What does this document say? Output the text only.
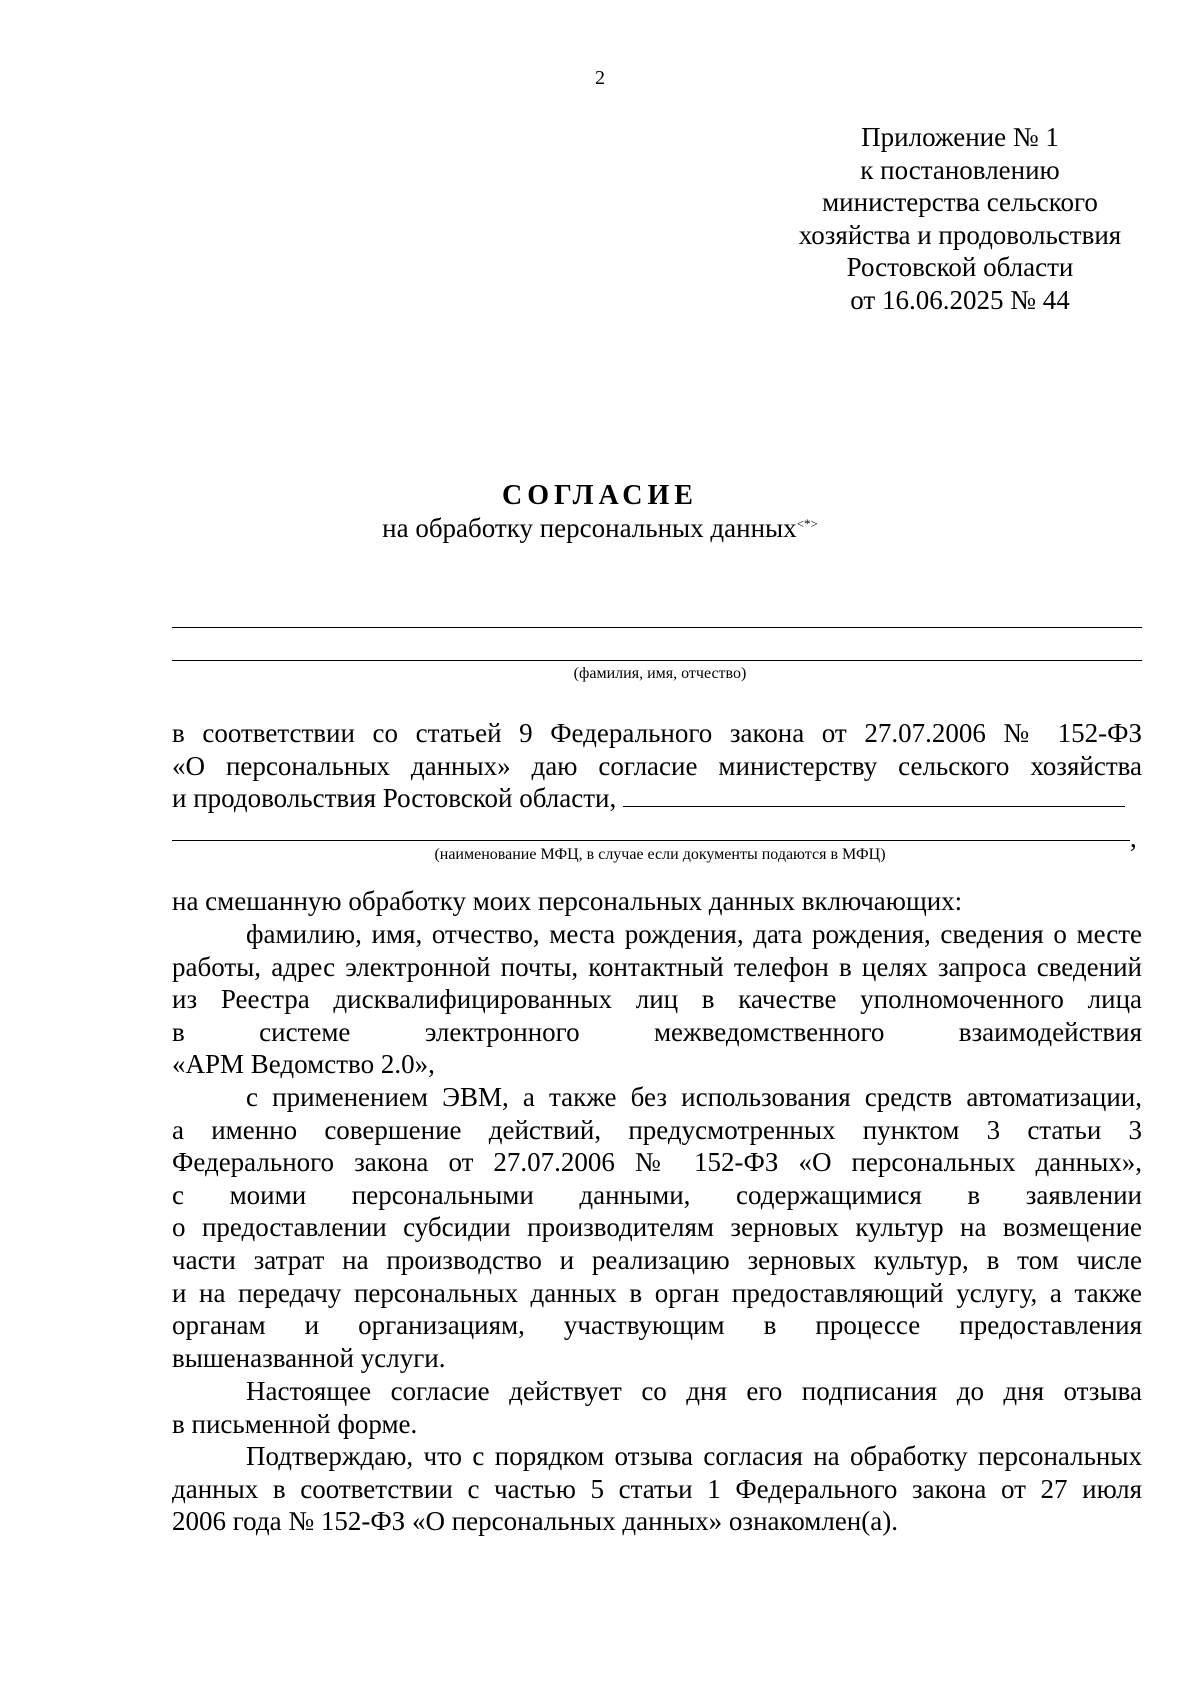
2
Приложение № 1
к постановлению
министерства сельского
хозяйства и продовольствия
Ростовской области
от 16.06.2025 № 44
СОГЛАСИЕ
на обработку персональных данных<*>
(фамилия, имя, отчество)
в соответствии со статьей 9 Федерального закона от 27.07.2006 № 152-ФЗ
«О персональных данных» даю согласие министерству сельского хозяйства
и продовольствия Ростовской области,
,
(наименование МФЦ, в случае если документы подаются в МФЦ)
на смешанную обработку моих персональных данных включающих:
фамилию, имя, отчество, места рождения, дата рождения, сведения о месте
работы, адрес электронной почты, контактный телефон в целях запроса сведений
из Реестра дисквалифицированных лиц в качестве уполномоченного лица
в системе электронного межведомственного взаимодействия
«АРМ Ведомство 2.0»,
с применением ЭВМ, а также без использования средств автоматизации,
а именно совершение действий, предусмотренных пунктом 3 статьи 3
Федерального закона от 27.07.2006 № 152-ФЗ «О персональных данных»,
с моими персональными данными, содержащимися в заявлении
о предоставлении субсидии производителям зерновых культур на возмещение
части затрат на производство и реализацию зерновых культур, в том числе
и на передачу персональных данных в орган предоставляющий услугу, а также
органам и организациям, участвующим в процессе предоставления
вышеназванной услуги.
Настоящее согласие действует со дня его подписания до дня отзыва
в письменной форме.
Подтверждаю, что с порядком отзыва согласия на обработку персональных
данных в соответствии с частью 5 статьи 1 Федерального закона от 27 июля
2006 года № 152-ФЗ «О персональных данных» ознакомлен(а).
